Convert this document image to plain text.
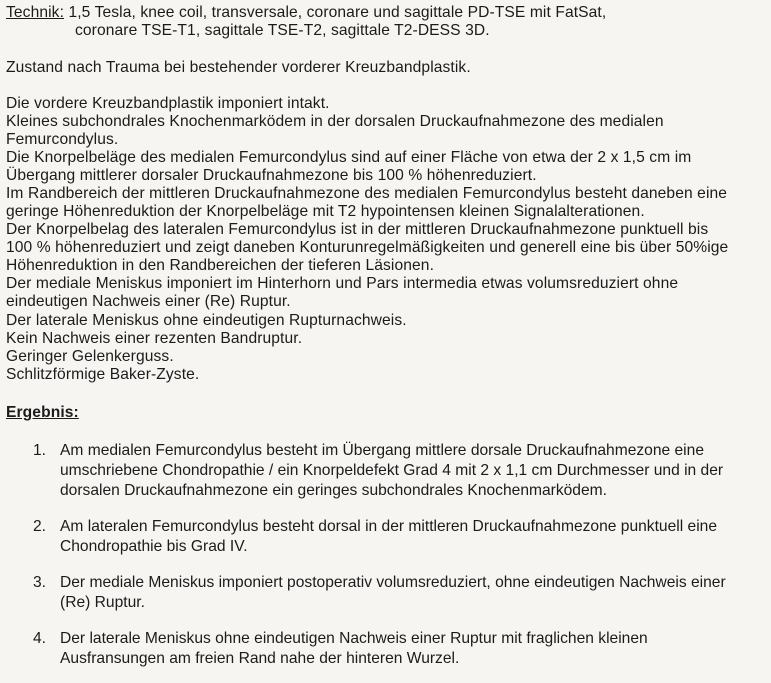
Technik: 1,5 Tesla, knee coil, transversale, coronare und sagittale PD-TSE mit FatSat,
coronare TSE-T1, sagittale TSE-T2, sagittale T2-DESS 3D.
Zustand nach Trauma bei bestehender vorderer Kreuzbandplastik.
Die vordere Kreuzbandplastik imponiert intakt.
Kleines subchondrales Knochenmarködem in der dorsalen Druckaufnahmezone des medialen
Femurcondylus.
Die Knorpelbeläge des medialen Femurcondylus sind auf einer Fläche von etwa der 2 x 1,5 cm im
Übergang mittlerer dorsaler Druckaufnahmezone bis 100 % höhenreduziert.
Im Randbereich der mittleren Druckaufnahmezone des medialen Femurcondylus besteht daneben eine
geringe Höhenreduktion der Knorpelbeläge mit T2 hypointensen kleinen Signalalterationen.
Der Knorpelbelag des lateralen Femurcondylus ist in der mittleren Druckaufnahmezone punktuell bis
100 % höhenreduziert und zeigt daneben Konturunregelmäßigkeiten und generell eine bis über 50%ige
Höhenreduktion in den Randbereichen der tieferen Läsionen.
Der mediale Meniskus imponiert im Hinterhorn und Pars intermedia etwas volumsreduziert ohne
eindeutigen Nachweis einer (Re) Ruptur.
Der laterale Meniskus ohne eindeutigen Rupturnachweis.
Kein Nachweis einer rezenten Bandruptur.
Geringer Gelenkerguss.
Schlitzförmige Baker-Zyste.
Ergebnis:
1. Am medialen Femurcondylus besteht im Übergang mittlere dorsale Druckaufnahmezone eine
umschriebene Chondropathie / ein Knorpeldefekt Grad 4 mit 2 x 1,1 cm Durchmesser und in der
dorsalen Druckaufnahmezone ein geringes subchondrales Knochenmarködem.
2. Am lateralen Femurcondylus besteht dorsal in der mittleren Druckaufnahmezone punktuell eine
Chondropathie bis Grad IV.
3. Der mediale Meniskus imponiert postoperativ volumsreduziert, ohne eindeutigen Nachweis einer
(Re) Ruptur.
4. Der laterale Meniskus ohne eindeutigen Nachweis einer Ruptur mit fraglichen kleinen
Ausfransungen am freien Rand nahe der hinteren Wurzel.
